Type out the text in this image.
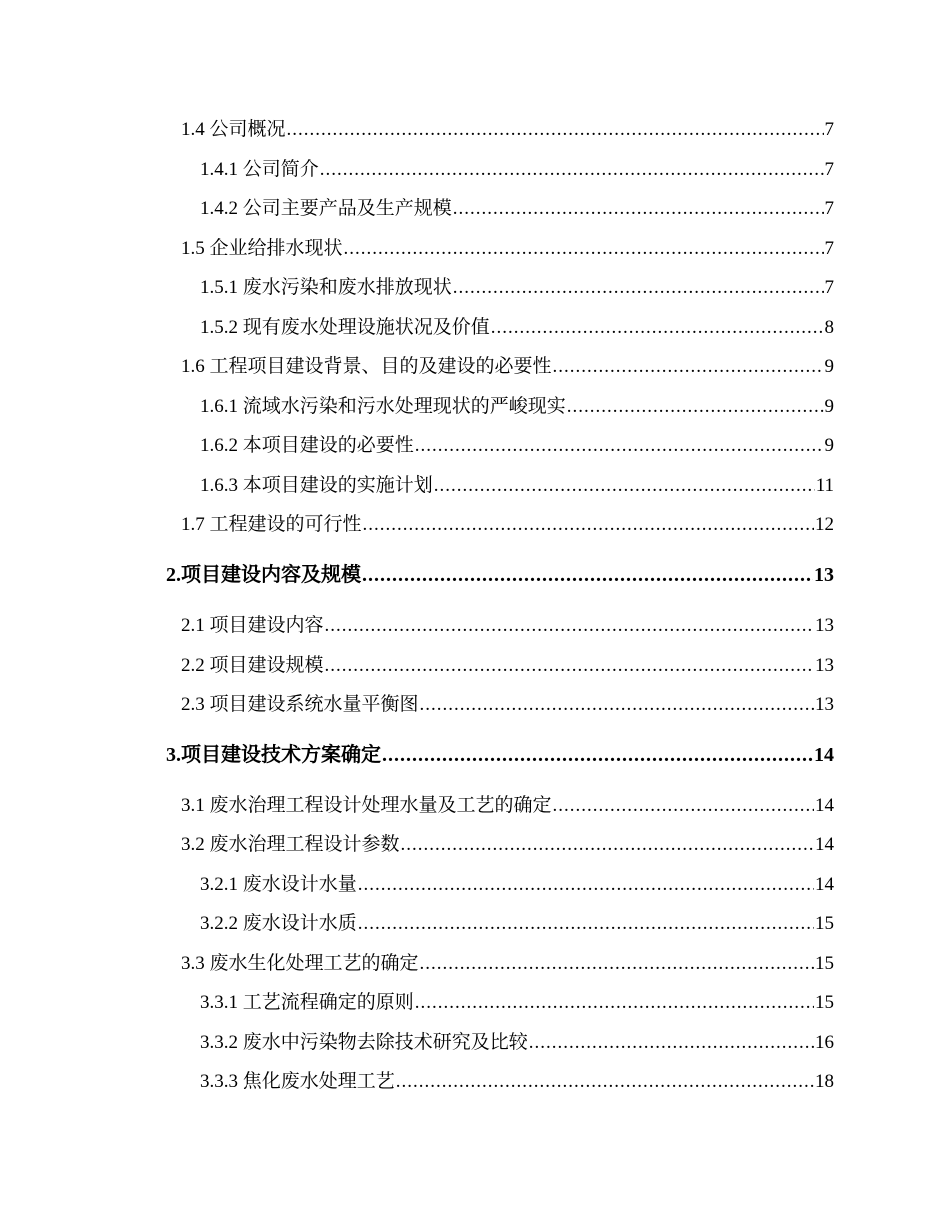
1.4 公司概况 .....	7
1.4.1 公司简介 .....	7
1.4.2 公司主要产品及生产规模 .....	7
1.5 企业给排水现状 .....	7
1.5.1 废水污染和废水排放现状 .....	7
1.5.2 现有废水处理设施状况及价值 .....	8
1.6 工程项目建设背景、目的及建设的必要性 .....	9
1.6.1 流域水污染和污水处理现状的严峻现实 .....	9
1.6.2 本项目建设的必要性 .....	9
1.6.3 本项目建设的实施计划 .....	11
1.7 工程建设的可行性 .....	12
2.项目建设内容及规模 .....	13
2.1 项目建设内容 .....	13
2.2 项目建设规模 .....	13
2.3 项目建设系统水量平衡图 .....	13
3.项目建设技术方案确定 .....	14
3.1 废水治理工程设计处理水量及工艺的确定 .....	14
3.2 废水治理工程设计参数 .....	14
3.2.1 废水设计水量 .....	14
3.2.2 废水设计水质 .....	15
3.3 废水生化处理工艺的确定 .....	15
3.3.1 工艺流程确定的原则 .....	15
3.3.2 废水中污染物去除技术研究及比较 .....	16
3.3.3 焦化废水处理工艺 .....	18
